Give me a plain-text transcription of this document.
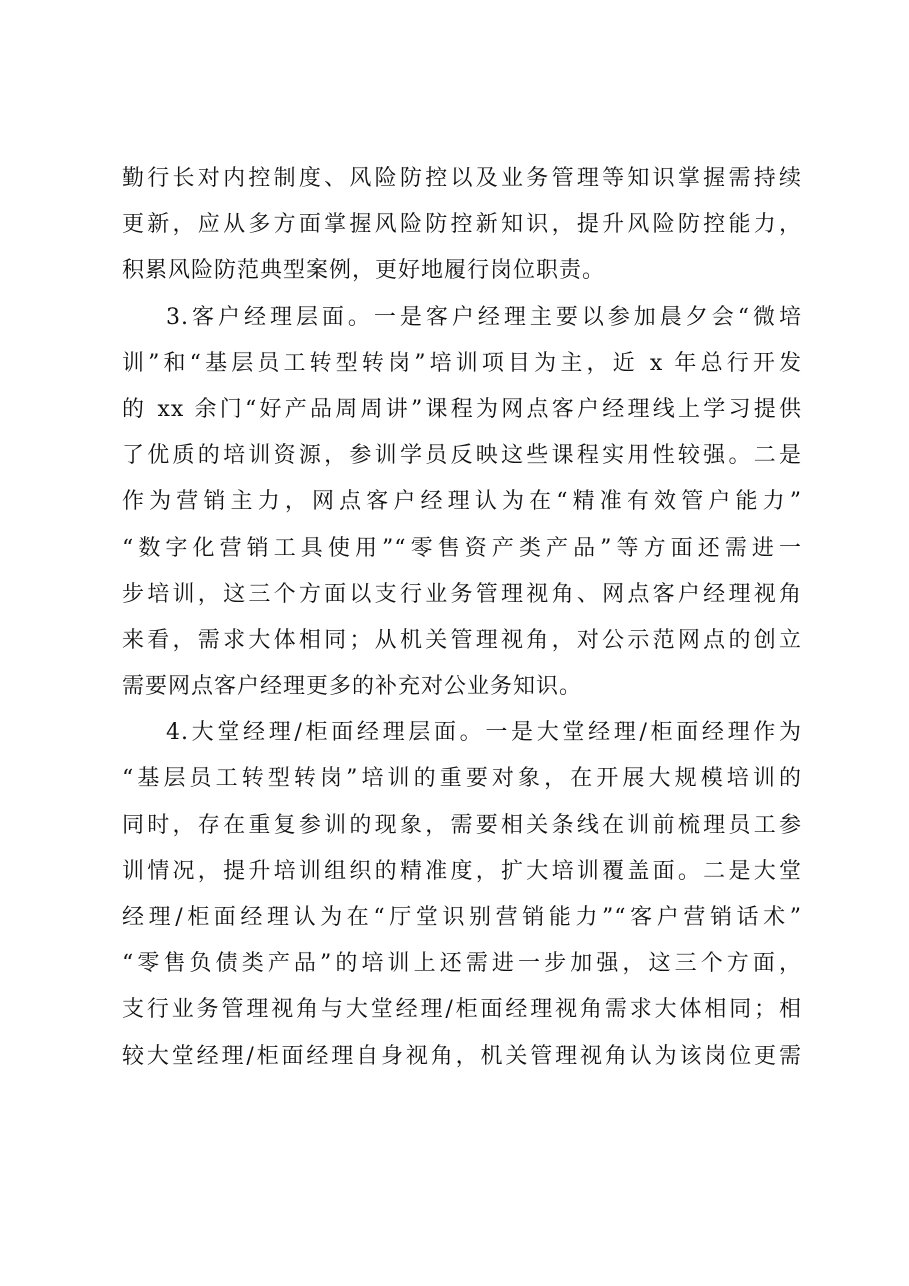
勤行长对内控制度、风险防控以及业务管理等知识掌握需持续
更新，应从多方面掌握风险防控新知识，提升风险防控能力，
积累风险防范典型案例，更好地履行岗位职责。
3.客户经理层面。一是客户经理主要以参加晨夕会“微培
训”和“基层员工转型转岗”培训项目为主，近 x 年总行开发
的 xx 余门“好产品周周讲”课程为网点客户经理线上学习提供
了优质的培训资源，参训学员反映这些课程实用性较强。二是
作为营销主力，网点客户经理认为在“精准有效管户能力”
“数字化营销工具使用”“零售资产类产品”等方面还需进一
步培训，这三个方面以支行业务管理视角、网点客户经理视角
来看，需求大体相同；从机关管理视角，对公示范网点的创立
需要网点客户经理更多的补充对公业务知识。
4.大堂经理/柜面经理层面。一是大堂经理/柜面经理作为
“基层员工转型转岗”培训的重要对象，在开展大规模培训的
同时，存在重复参训的现象，需要相关条线在训前梳理员工参
训情况，提升培训组织的精准度，扩大培训覆盖面。二是大堂
经理/柜面经理认为在“厅堂识别营销能力”“客户营销话术”
“零售负债类产品”的培训上还需进一步加强，这三个方面，
支行业务管理视角与大堂经理/柜面经理视角需求大体相同；相
较大堂经理/柜面经理自身视角，机关管理视角认为该岗位更需
